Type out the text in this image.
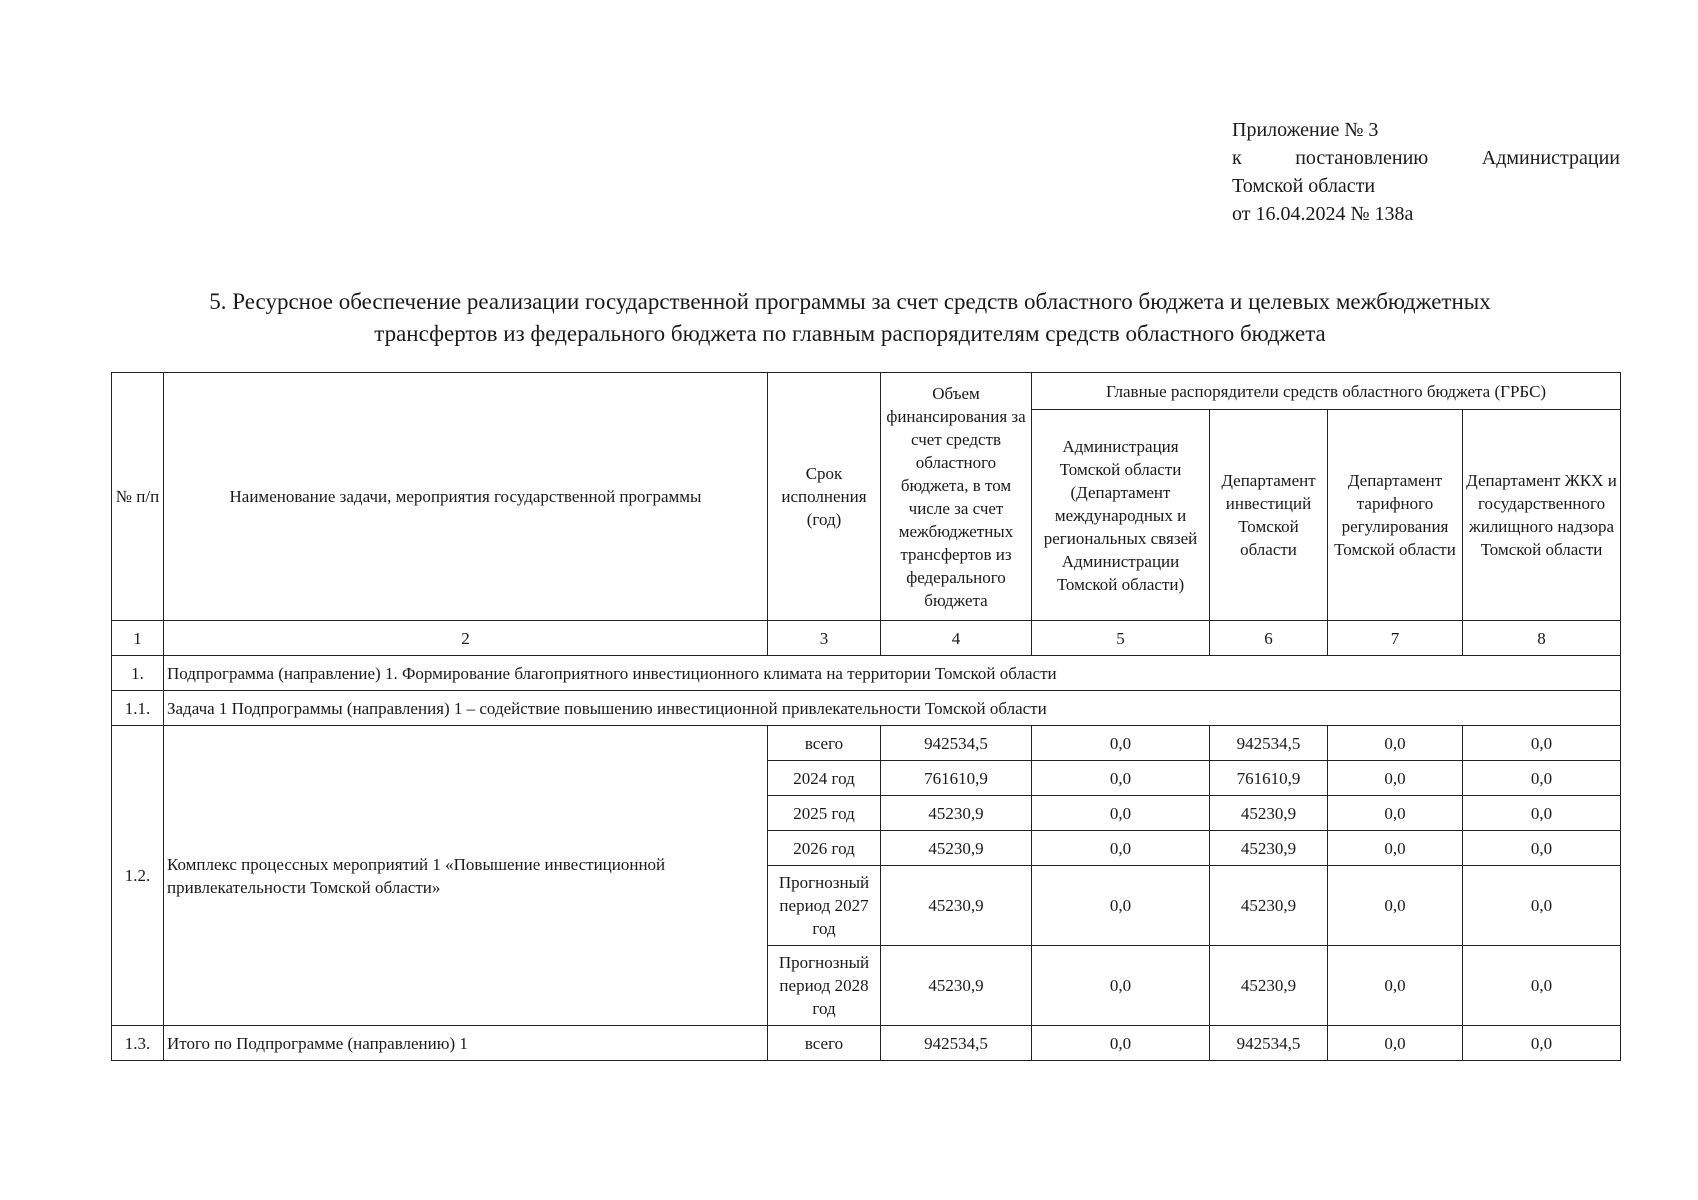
Приложение № 3
к	постановлению	Администрации
Томской области
от 16.04.2024 № 138а
5. Ресурсное обеспечение реализации государственной программы за счет средств областного бюджета и целевых межбюджетных
трансфертов из федерального бюджета по главным распорядителям средств областного бюджета
№ п/п	Наименование задачи, мероприятия государственной программы	Срок исполнения (год)	Объем финансирования за счет средств областного бюджета, в том числе за счет межбюджетных трансфертов из федерального бюджета	Главные распорядители средств областного бюджета (ГРБС)			
				Администрация Томской области (Департамент международных и региональных связей Администрации Томской области)	Департамент инвестиций Томской области	Департамент тарифного регулирования Томской области	Департамент ЖКХ и государственного жилищного надзора Томской области
1	2	3	4	5	6	7	8
1.	Подпрограмма (направление) 1. Формирование благоприятного инвестиционного климата на территории Томской области						
1.1.	Задача 1 Подпрограммы (направления) 1 – содействие повышению инвестиционной привлекательности Томской области						
1.2.	Комплекс процессных мероприятий 1 «Повышение инвестиционной привлекательности Томской области»	всего	942534,5	0,0	942534,5	0,0	0,0
		2024 год	761610,9	0,0	761610,9	0,0	0,0
		2025 год	45230,9	0,0	45230,9	0,0	0,0
		2026 год	45230,9	0,0	45230,9	0,0	0,0
		Прогнозный период 2027 год	45230,9	0,0	45230,9	0,0	0,0
		Прогнозный период 2028 год	45230,9	0,0	45230,9	0,0	0,0
1.3.	Итого по Подпрограмме (направлению) 1	всего	942534,5	0,0	942534,5	0,0	0,0
